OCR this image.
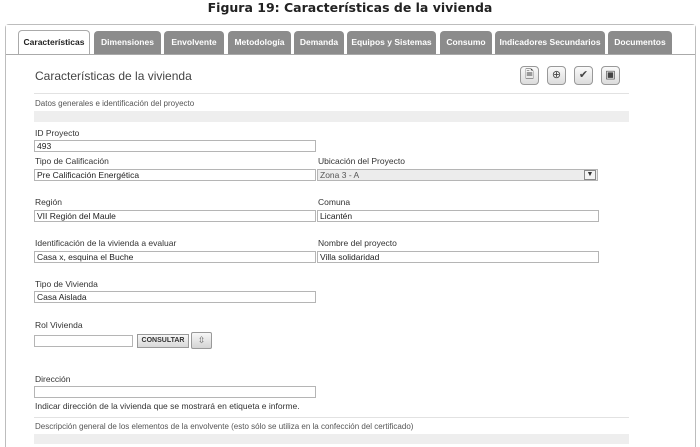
Figura 19: Características de la vivienda
Características	Dimensiones	Envolvente	Metodología	Demanda	Equipos y Sistemas	Consumo	Indicadores Secundarios	Documentos
Características de la vivienda	🗎	⊕	✔	▣
Datos generales e identificación del proyecto
ID Proyecto
493
Tipo de Calificación
Pre Calificación Energética
Ubicación del Proyecto
Zona 3 - A	▼
Región
VII Región del Maule
Comuna
Licantén
Identificación de la vivienda a evaluar
Casa x, esquina el Buche
Nombre del proyecto
Villa solidaridad
Tipo de Vivienda
Casa Aislada
Rol Vivienda
CONSULTAR	⇳
Dirección
Indicar dirección de la vivienda que se mostrará en etiqueta e informe.
Descripción general de los elementos de la envolvente (esto sólo se utiliza en la confección del certificado)
